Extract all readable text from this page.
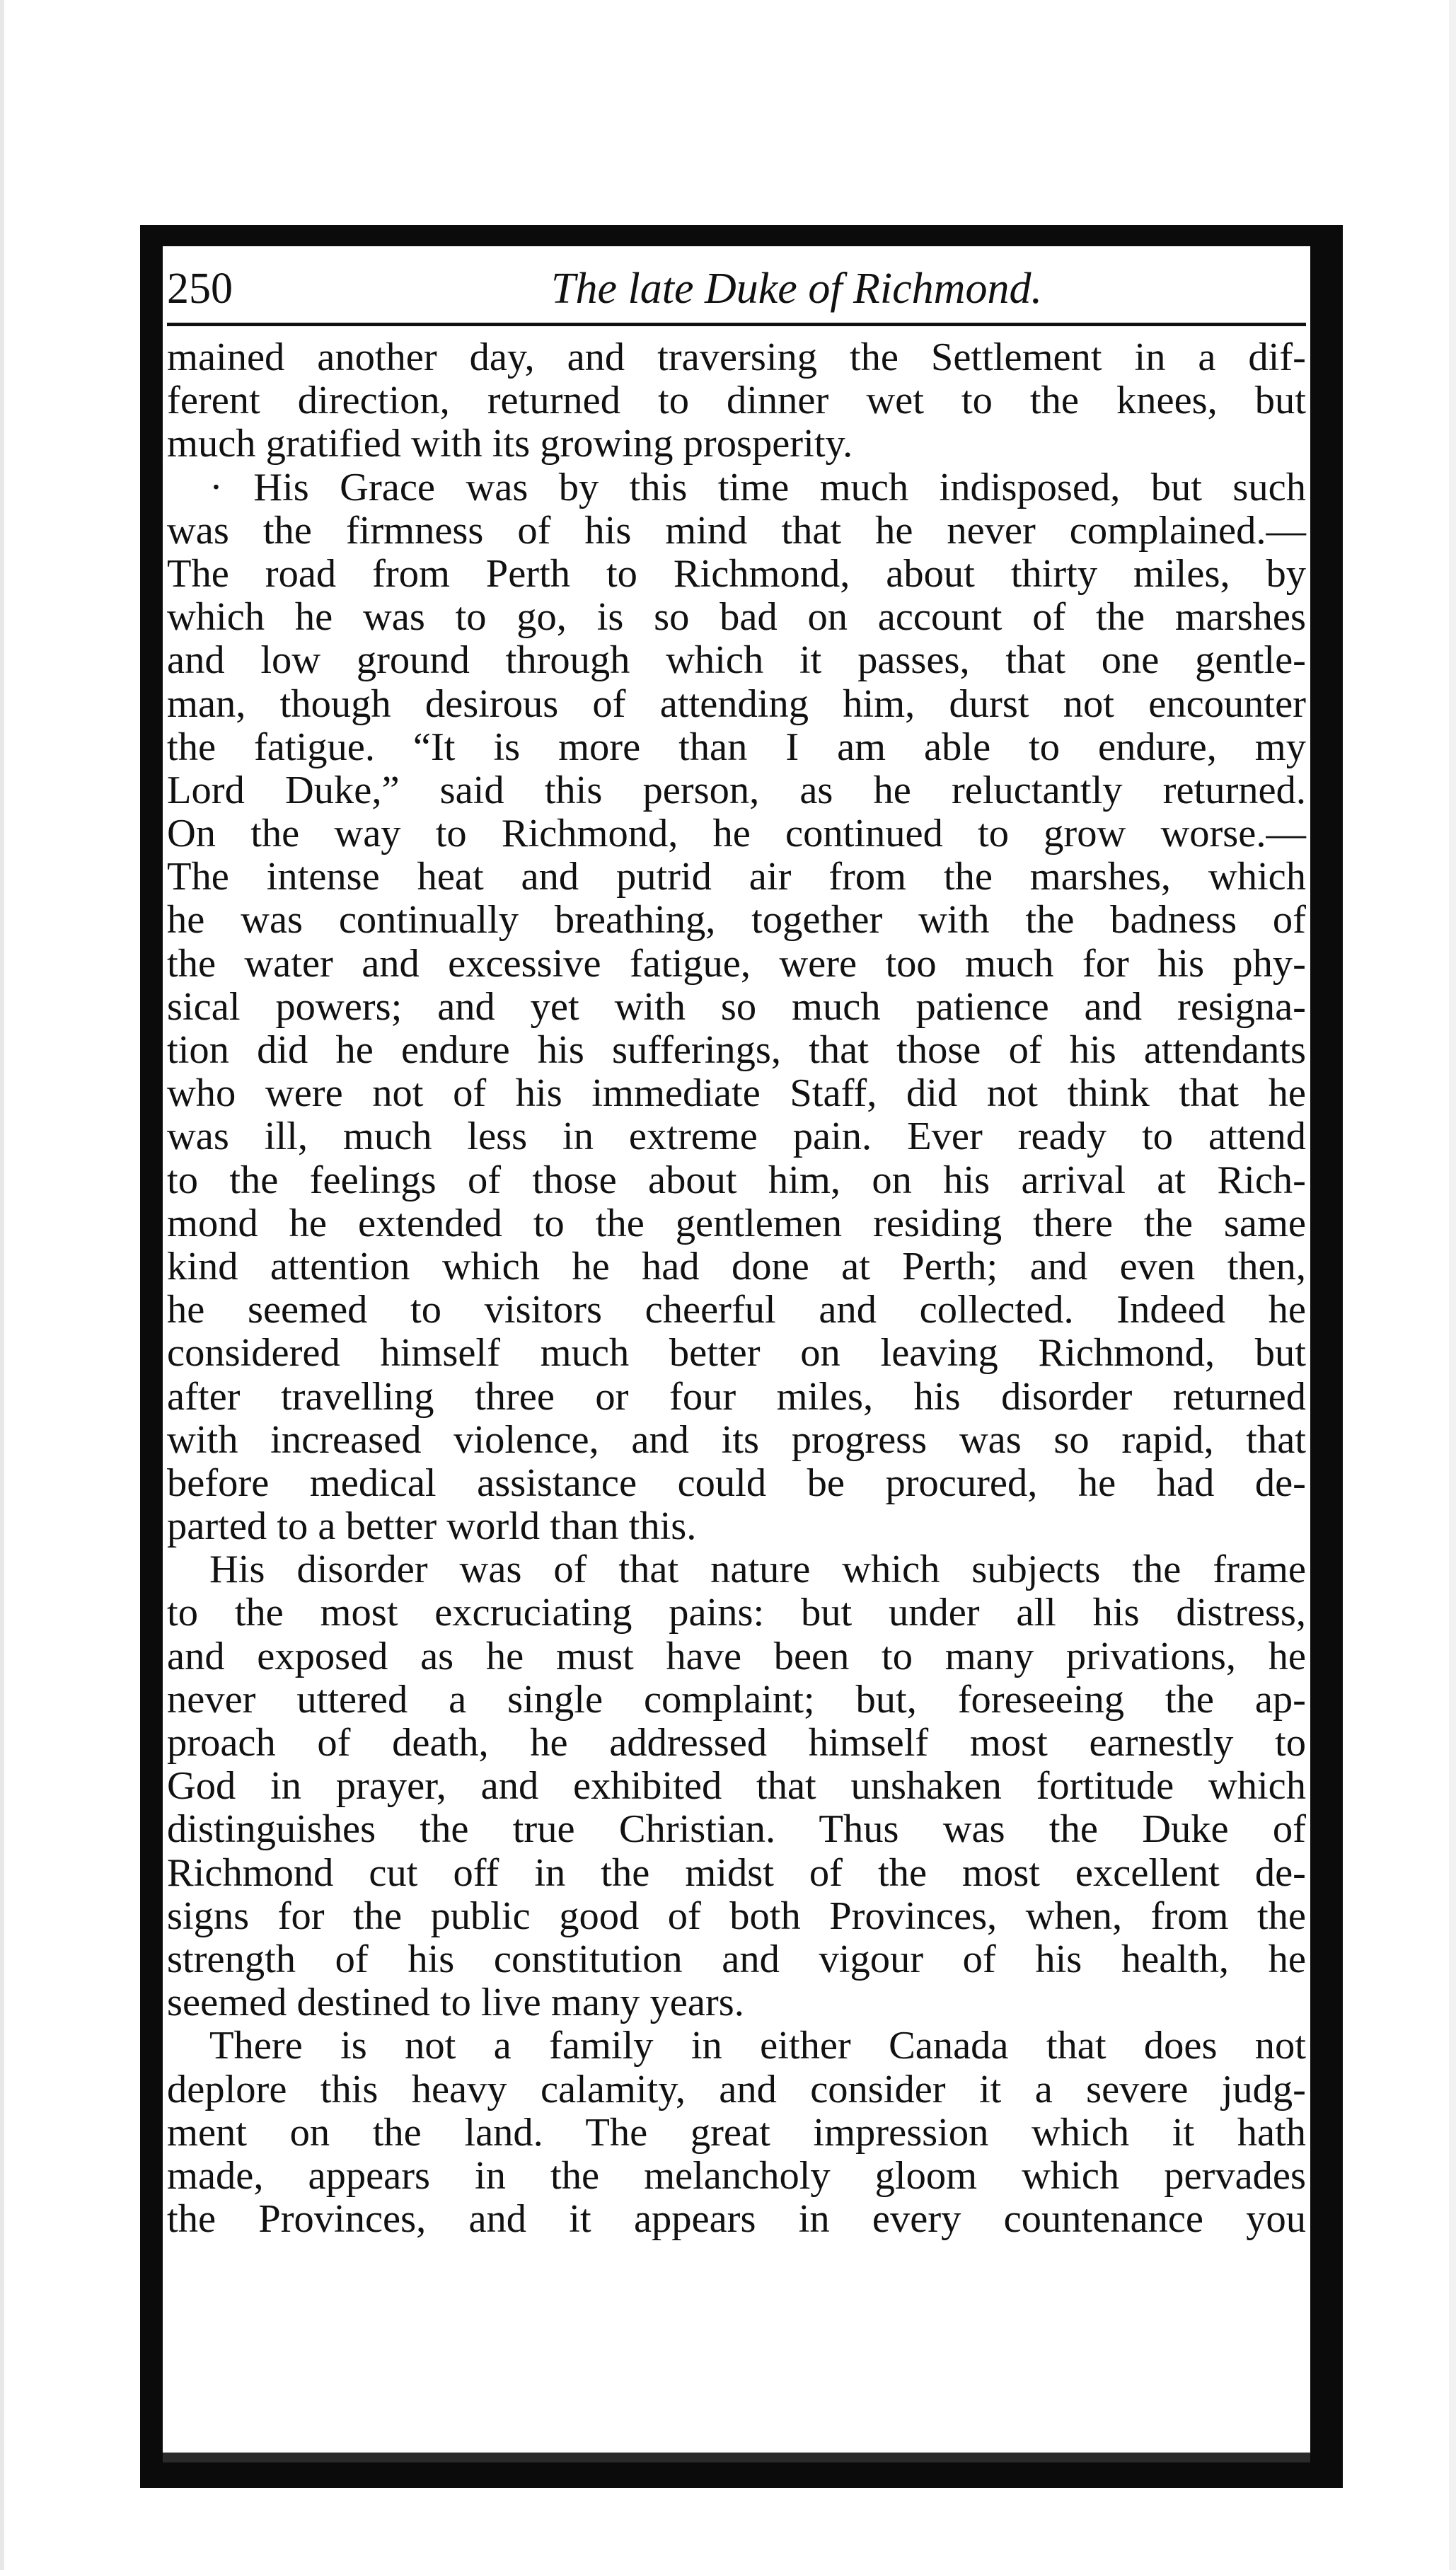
250	The late Duke of Richmond.
mained another day, and traversing the Settlement in a dif-
ferent direction, returned to dinner wet to the knees, but
much gratified with its growing prosperity.
· His Grace was by this time much indisposed, but such
was the firmness of his mind that he never complained.—
The road from Perth to Richmond, about thirty miles, by
which he was to go, is so bad on account of the marshes
and low ground through which it passes, that one gentle-
man, though desirous of attending him, durst not encounter
the fatigue. “It is more than I am able to endure, my
Lord Duke,” said this person, as he reluctantly returned.
On the way to Richmond, he continued to grow worse.—
The intense heat and putrid air from the marshes, which
he was continually breathing, together with the badness of
the water and excessive fatigue, were too much for his phy-
sical powers; and yet with so much patience and resigna-
tion did he endure his sufferings, that those of his attendants
who were not of his immediate Staff, did not think that he
was ill, much less in extreme pain. Ever ready to attend
to the feelings of those about him, on his arrival at Rich-
mond he extended to the gentlemen residing there the same
kind attention which he had done at Perth; and even then,
he seemed to visitors cheerful and collected. Indeed he
considered himself much better on leaving Richmond, but
after travelling three or four miles, his disorder returned
with increased violence, and its progress was so rapid, that
before medical assistance could be procured, he had de-
parted to a better world than this.
His disorder was of that nature which subjects the frame
to the most excruciating pains: but under all his distress,
and exposed as he must have been to many privations, he
never uttered a single complaint; but, foreseeing the ap-
proach of death, he addressed himself most earnestly to
God in prayer, and exhibited that unshaken fortitude which
distinguishes the true Christian. Thus was the Duke of
Richmond cut off in the midst of the most excellent de-
signs for the public good of both Provinces, when, from the
strength of his constitution and vigour of his health, he
seemed destined to live many years.
There is not a family in either Canada that does not
deplore this heavy calamity, and consider it a severe judg-
ment on the land. The great impression which it hath
made, appears in the melancholy gloom which pervades
the Provinces, and it appears in every countenance you
